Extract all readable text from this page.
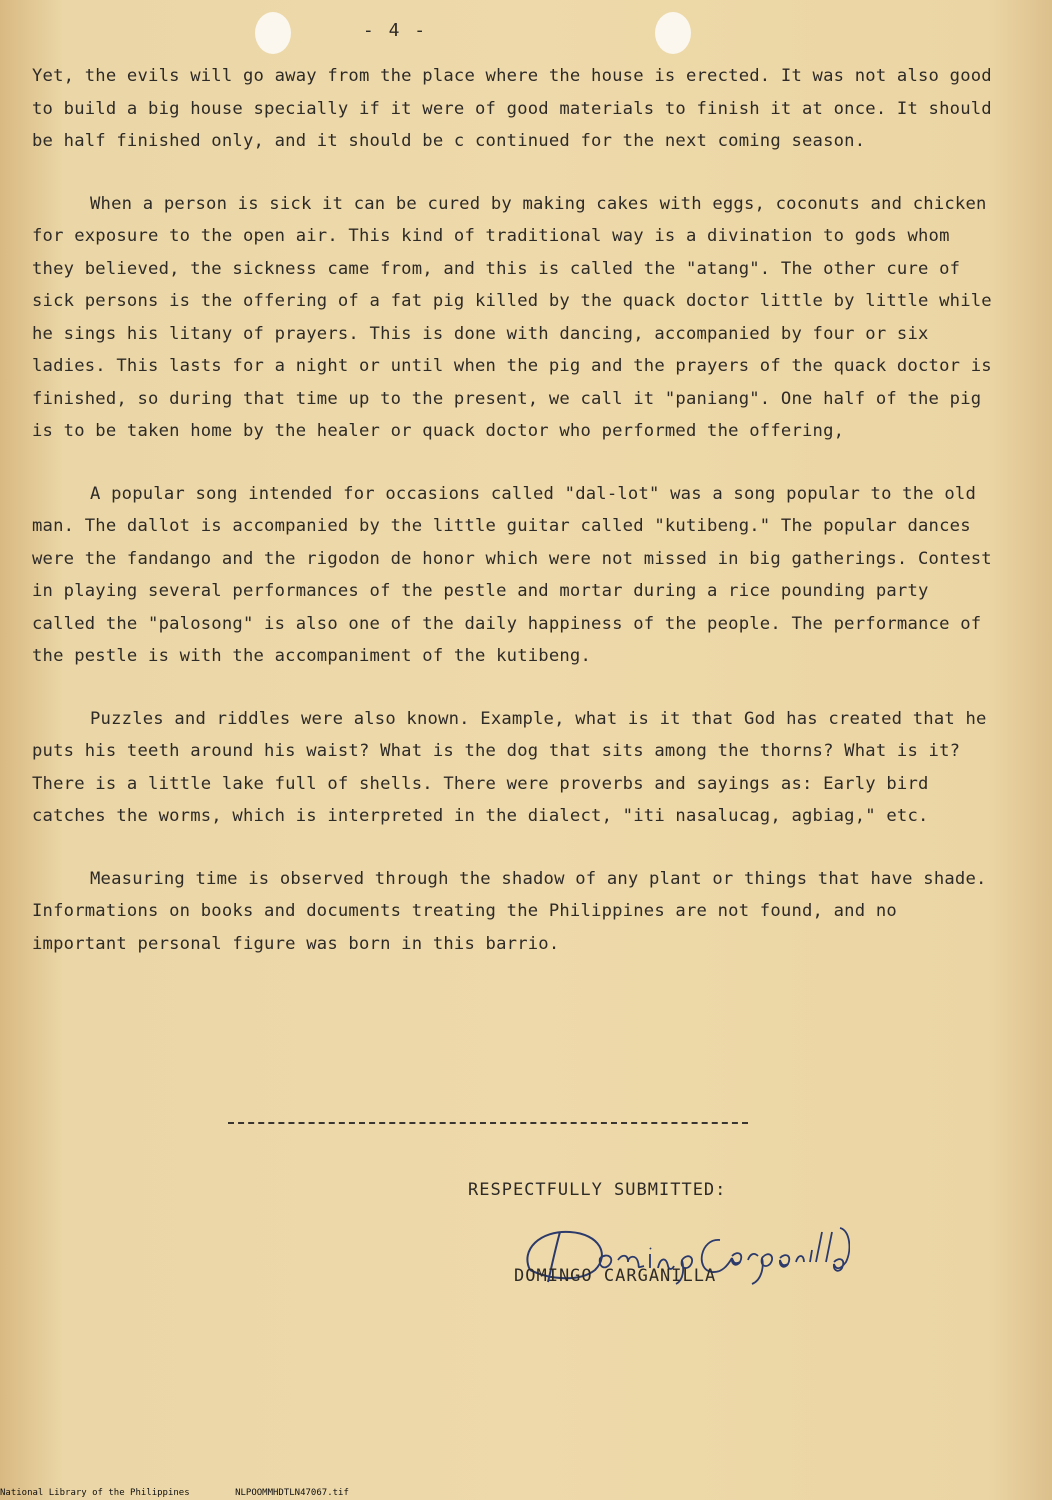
- 4 -

Yet, the evils will go away from the place where the house is erected. It was not also good to build a big house specially if it were of good materials to finish it at once. It should be half finished only, and it should be c continued for the next coming season.

When a person is sick it can be cured by making cakes with eggs, coconuts and chicken for exposure to the open air. This kind of traditional way is a divination to gods whom they believed, the sickness came from, and this is called the "atang". The other cure of sick persons is the offering of a fat pig killed by the quack doctor little by little while he sings his litany of prayers. This is done with dancing, accompanied by four or six ladies. This lasts for a night or until when the pig and the prayers of the quack doctor is finished, so during that time up to the present, we call it "paniang". One half of the pig is to be taken home by the healer or quack doctor who performed the offering,

A popular song intended for occasions called "dal-lot" was a song popular to the old man. The dallot is accompanied by the little guitar called "kutibeng." The popular dances were the fandango and the rigodon de honor which were not missed in big gatherings. Contest in playing several performances of the pestle and mortar during a rice pounding party called the "palosong" is also one of the daily happiness of the people. The performance of the pestle is with the accompaniment of the kutibeng.

Puzzles and riddles were also known. Example, what is it that God has created that he puts his teeth around his waist? What is the dog that sits among the thorns? What is it? There is a little lake full of shells. There were proverbs and sayings as: Early bird catches the worms, which is interpreted in the dialect, "iti nasalucag, agbiag," etc.

Measuring time is observed through the shadow of any plant or things that have shade. Informations on books and documents treating the Philippines are not found, and no important personal figure was born in this barrio.

RESPECTFULLY SUBMITTED:
DOMINGO CARGANILLA
National Library of the Philippines	NLPOOMMHDTLN47067.tif
